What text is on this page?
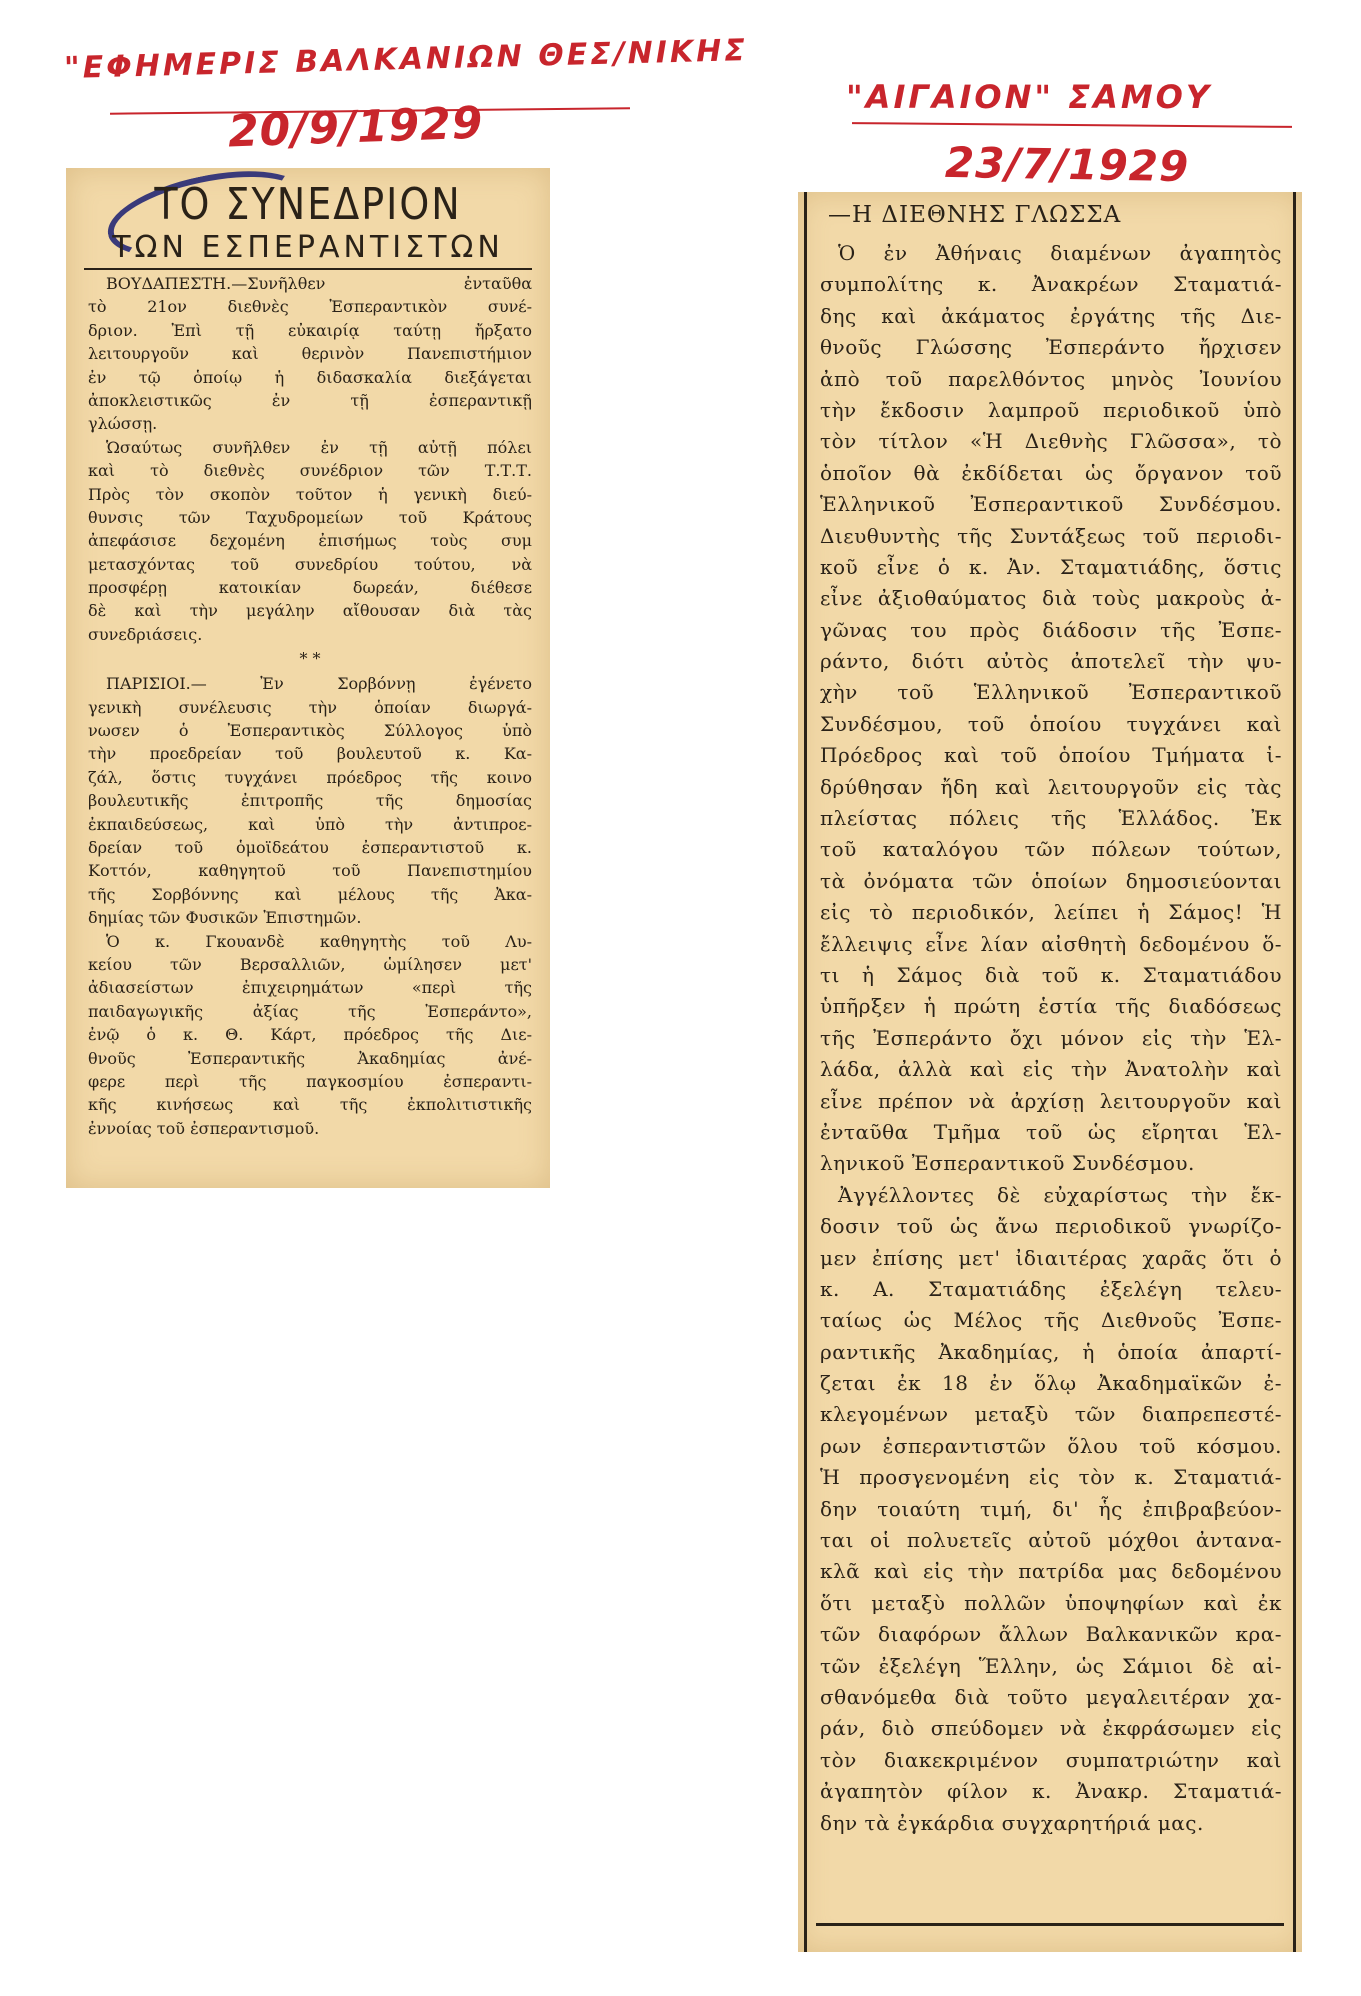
"ΕΦΗΜΕΡΙΣ ΒΑΛΚΑΝΙΩΝ ΘΕΣ/ΝΙΚΗΣ
20/9/1929
"ΑΙΓΑΙΟΝ" ΣΑΜΟΥ
23/7/1929
ΤΟ ΣΥΝΕΔΡΙΟΝ
ΤΩΝ ΕΣΠΕΡΑΝΤΙΣΤΩΝ
ΒΟΥΔΑΠΕΣΤΗ.—Συνῆλθεν ἐνταῦθα
τὸ 21ον διεθνὲς Ἐσπεραντικὸν συνέ-
δριον. Ἐπὶ τῇ εὐκαιρίᾳ ταύτῃ ἤρξατο
λειτουργοῦν καὶ θερινὸν Πανεπιστήμιον
ἐν τῷ ὁποίῳ ἡ διδασκαλία διεξάγεται
ἀποκλειστικῶς ἐν τῇ ἐσπεραντικῇ
γλώσσῃ.
Ὡσαύτως συνῆλθεν ἐν τῇ αὐτῇ πόλει
καὶ τὸ διεθνὲς συνέδριον τῶν Τ.Τ.Τ.
Πρὸς τὸν σκοπὸν τοῦτον ἡ γενικὴ διεύ-
θυνσις τῶν Ταχυδρομείων τοῦ Κράτους
ἀπεφάσισε δεχομένη ἐπισήμως τοὺς συμ
μετασχόντας τοῦ συνεδρίου τούτου, νὰ
προσφέρῃ κατοικίαν δωρεάν, διέθεσε
δὲ καὶ τὴν μεγάλην αἴθουσαν διὰ τὰς
συνεδριάσεις.
* *
ΠΑΡΙΣΙΟΙ.— Ἐν Σορβόννῃ ἐγένετο
γενικὴ συνέλευσις τὴν ὁποίαν διωργά-
νωσεν ὁ Ἐσπεραντικὸς Σύλλογος ὑπὸ
τὴν προεδρείαν τοῦ βουλευτοῦ κ. Κα-
ζάλ, ὅστις τυγχάνει πρόεδρος τῆς κοινο
βουλευτικῆς ἐπιτροπῆς τῆς δημοσίας
ἐκπαιδεύσεως, καὶ ὑπὸ τὴν ἀντιπροε-
δρείαν τοῦ ὁμοϊδεάτου ἐσπεραντιστοῦ κ.
Κοττόν, καθηγητοῦ τοῦ Πανεπιστημίου
τῆς Σορβόννης καὶ μέλους τῆς Ἀκα-
δημίας τῶν Φυσικῶν Ἐπιστημῶν.
Ὁ κ. Γκουανδὲ καθηγητὴς τοῦ Λυ-
κείου τῶν Βερσαλλιῶν, ὡμίλησεν μετ'
ἀδιασείστων ἐπιχειρημάτων «περὶ τῆς
παιδαγωγικῆς ἀξίας τῆς Ἐσπεράντο»,
ἐνῷ ὁ κ. Θ. Κάρτ, πρόεδρος τῆς Διε-
θνοῦς Ἐσπεραντικῆς Ἀκαδημίας ἀνέ-
φερε περὶ τῆς παγκοσμίου ἐσπεραντι-
κῆς κινήσεως καὶ τῆς ἐκπολιτιστικῆς
ἐννοίας τοῦ ἐσπεραντισμοῦ.
—Η ΔΙΕΘΝΗΣ ΓΛΩΣΣΑ
Ὁ ἐν Ἀθήναις διαμένων ἀγαπητὸς
συμπολίτης κ. Ἀνακρέων Σταματιά-
δης καὶ ἀκάματος ἐργάτης τῆς Διε-
θνοῦς Γλώσσης Ἐσπεράντο ἤρχισεν
ἀπὸ τοῦ παρελθόντος μηνὸς Ἰουνίου
τὴν ἔκδοσιν λαμπροῦ περιοδικοῦ ὑπὸ
τὸν τίτλον «Ἡ Διεθνὴς Γλῶσσα», τὸ
ὁποῖον θὰ ἐκδίδεται ὡς ὄργανον τοῦ
Ἑλληνικοῦ Ἐσπεραντικοῦ Συνδέσμου.
Διευθυντὴς τῆς Συντάξεως τοῦ περιοδι-
κοῦ εἶνε ὁ κ. Ἀν. Σταματιάδης, ὅστις
εἶνε ἀξιοθαύματος διὰ τοὺς μακροὺς ἀ-
γῶνας του πρὸς διάδοσιν τῆς Ἐσπε-
ράντο, διότι αὐτὸς ἀποτελεῖ τὴν ψυ-
χὴν τοῦ Ἑλληνικοῦ Ἐσπεραντικοῦ
Συνδέσμου, τοῦ ὁποίου τυγχάνει καὶ
Πρόεδρος καὶ τοῦ ὁποίου Τμήματα ἱ-
δρύθησαν ἤδη καὶ λειτουργοῦν εἰς τὰς
πλείστας πόλεις τῆς Ἑλλάδος. Ἐκ
τοῦ καταλόγου τῶν πόλεων τούτων,
τὰ ὀνόματα τῶν ὁποίων δημοσιεύονται
εἰς τὸ περιοδικόν, λείπει ἡ Σάμος! Ἡ
ἔλλειψις εἶνε λίαν αἰσθητὴ δεδομένου ὅ-
τι ἡ Σάμος διὰ τοῦ κ. Σταματιάδου
ὑπῆρξεν ἡ πρώτη ἑστία τῆς διαδόσεως
τῆς Ἐσπεράντο ὄχι μόνον εἰς τὴν Ἑλ-
λάδα, ἀλλὰ καὶ εἰς τὴν Ἀνατολὴν καὶ
εἶνε πρέπον νὰ ἀρχίσῃ λειτουργοῦν καὶ
ἐνταῦθα Τμῆμα τοῦ ὡς εἴρηται Ἑλ-
ληνικοῦ Ἐσπεραντικοῦ Συνδέσμου.
Ἀγγέλλοντες δὲ εὐχαρίστως τὴν ἔκ-
δοσιν τοῦ ὡς ἄνω περιοδικοῦ γνωρίζο-
μεν ἐπίσης μετ' ἰδιαιτέρας χαρᾶς ὅτι ὁ
κ. Α. Σταματιάδης ἐξελέγη τελευ-
ταίως ὡς Μέλος τῆς Διεθνοῦς Ἐσπε-
ραντικῆς Ἀκαδημίας, ἡ ὁποία ἀπαρτί-
ζεται ἐκ 18 ἐν ὅλῳ Ἀκαδημαϊκῶν ἐ-
κλεγομένων μεταξὺ τῶν διαπρεπεστέ-
ρων ἐσπεραντιστῶν ὅλου τοῦ κόσμου.
Ἡ προσγενομένη εἰς τὸν κ. Σταματιά-
δην τοιαύτη τιμή, δι' ἧς ἐπιβραβεύον-
ται οἱ πολυετεῖς αὐτοῦ μόχθοι ἀντανα-
κλᾶ καὶ εἰς τὴν πατρίδα μας δεδομένου
ὅτι μεταξὺ πολλῶν ὑποψηφίων καὶ ἐκ
τῶν διαφόρων ἄλλων Βαλκανικῶν κρα-
τῶν ἐξελέγη Ἕλλην, ὡς Σάμιοι δὲ αἰ-
σθανόμεθα διὰ τοῦτο μεγαλειτέραν χα-
ράν, διὸ σπεύδομεν νὰ ἐκφράσωμεν εἰς
τὸν διακεκριμένον συμπατριώτην καὶ
ἀγαπητὸν φίλον κ. Ἀνακρ. Σταματιά-
δην τὰ ἐγκάρδια συγχαρητήριά μας.
